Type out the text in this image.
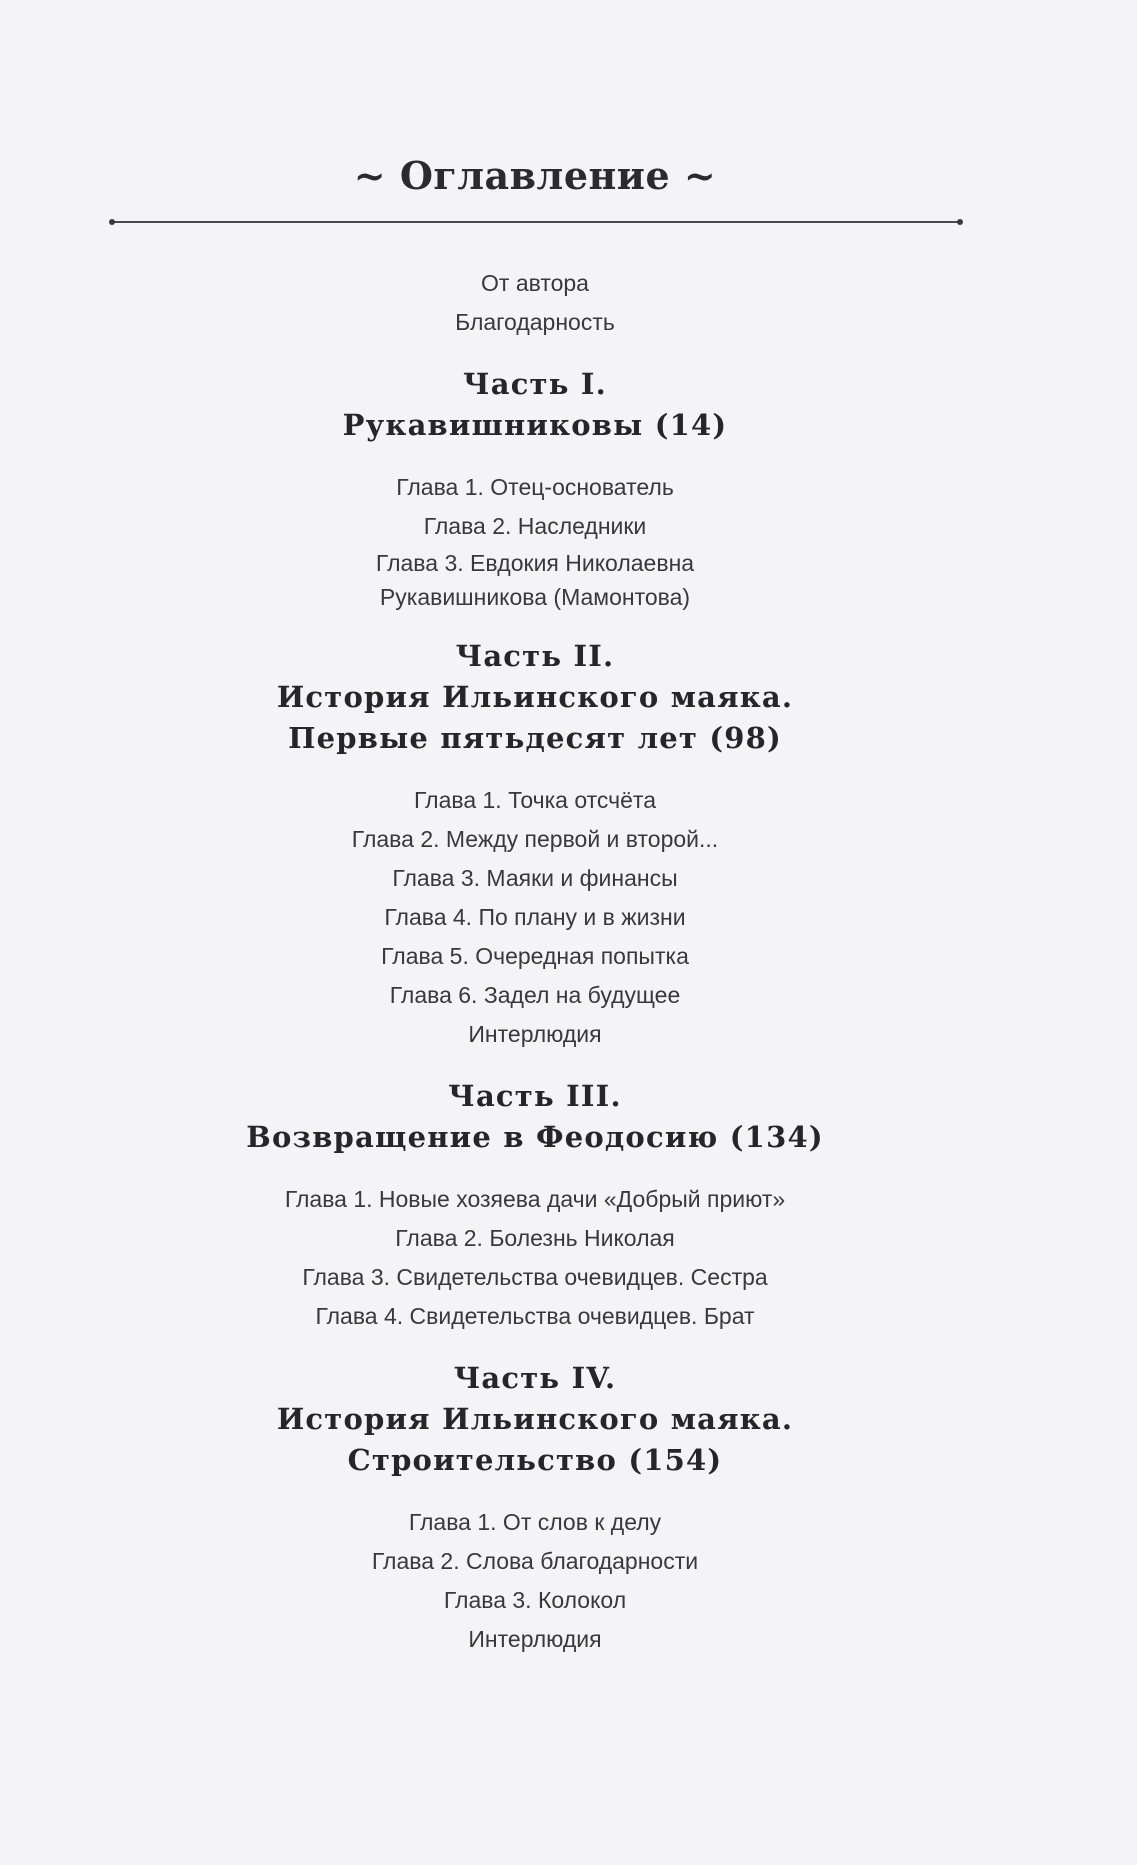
~ Оглавление ~

От автора

Благодарность

Часть I.
Рукавишниковы (14)

Глава 1. Отец-основатель

Глава 2. Наследники

Глава 3. Евдокия Николаевна Рукавишникова (Мамонтова)

Часть II.
История Ильинского маяка.
Первые пятьдесят лет (98)

Глава 1. Точка отсчёта

Глава 2. Между первой и второй...

Глава 3. Маяки и финансы

Глава 4. По плану и в жизни

Глава 5. Очередная попытка

Глава 6. Задел на будущее

Интерлюдия

Часть III.
Возвращение в Феодосию (134)

Глава 1. Новые хозяева дачи «Добрый приют»

Глава 2. Болезнь Николая

Глава 3. Свидетельства очевидцев. Сестра

Глава 4. Свидетельства очевидцев. Брат

Часть IV.
История Ильинского маяка.
Строительство (154)

Глава 1. От слов к делу

Глава 2. Слова благодарности

Глава 3. Колокол

Интерлюдия
